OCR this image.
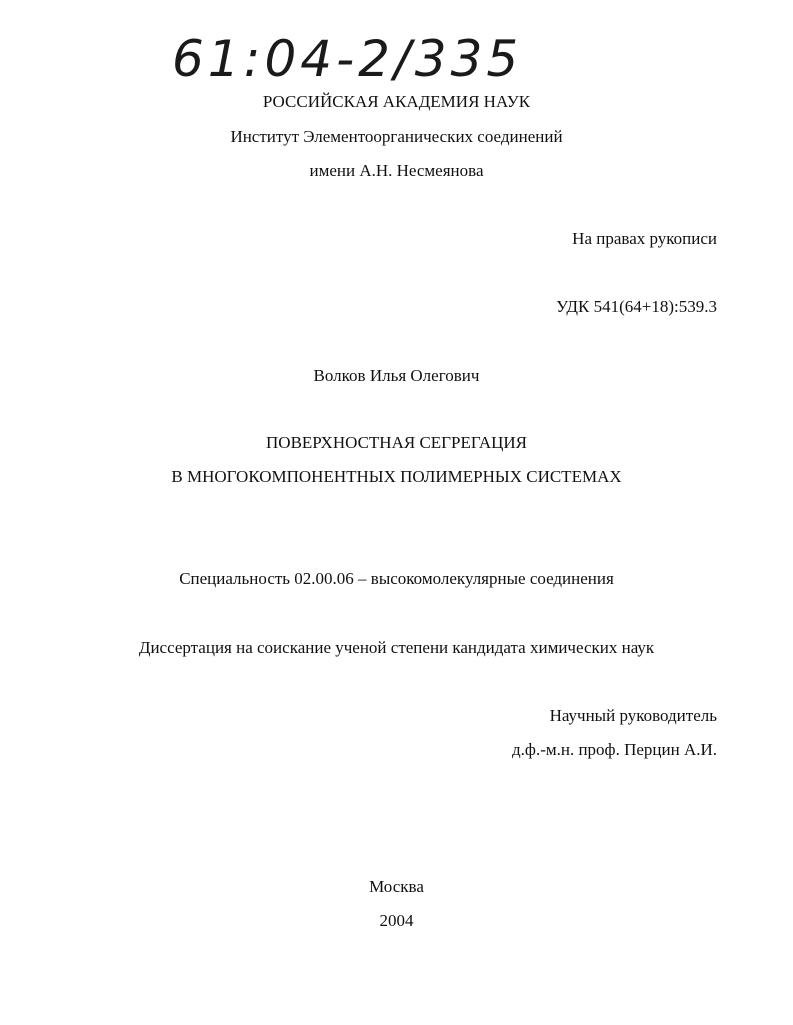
61:04-2/335
РОССИЙСКАЯ АКАДЕМИЯ НАУК
Институт Элементоорганических соединений
имени А.Н. Несмеянова
На правах рукописи
УДК 541(64+18):539.3
Волков Илья Олегович
ПОВЕРХНОСТНАЯ СЕГРЕГАЦИЯ
В МНОГОКОМПОНЕНТНЫХ ПОЛИМЕРНЫХ СИСТЕМАХ
Специальность 02.00.06 – высокомолекулярные соединения
Диссертация на соискание ученой степени кандидата химических наук
Научный руководитель
д.ф.-м.н. проф. Перцин А.И.
Москва
2004
